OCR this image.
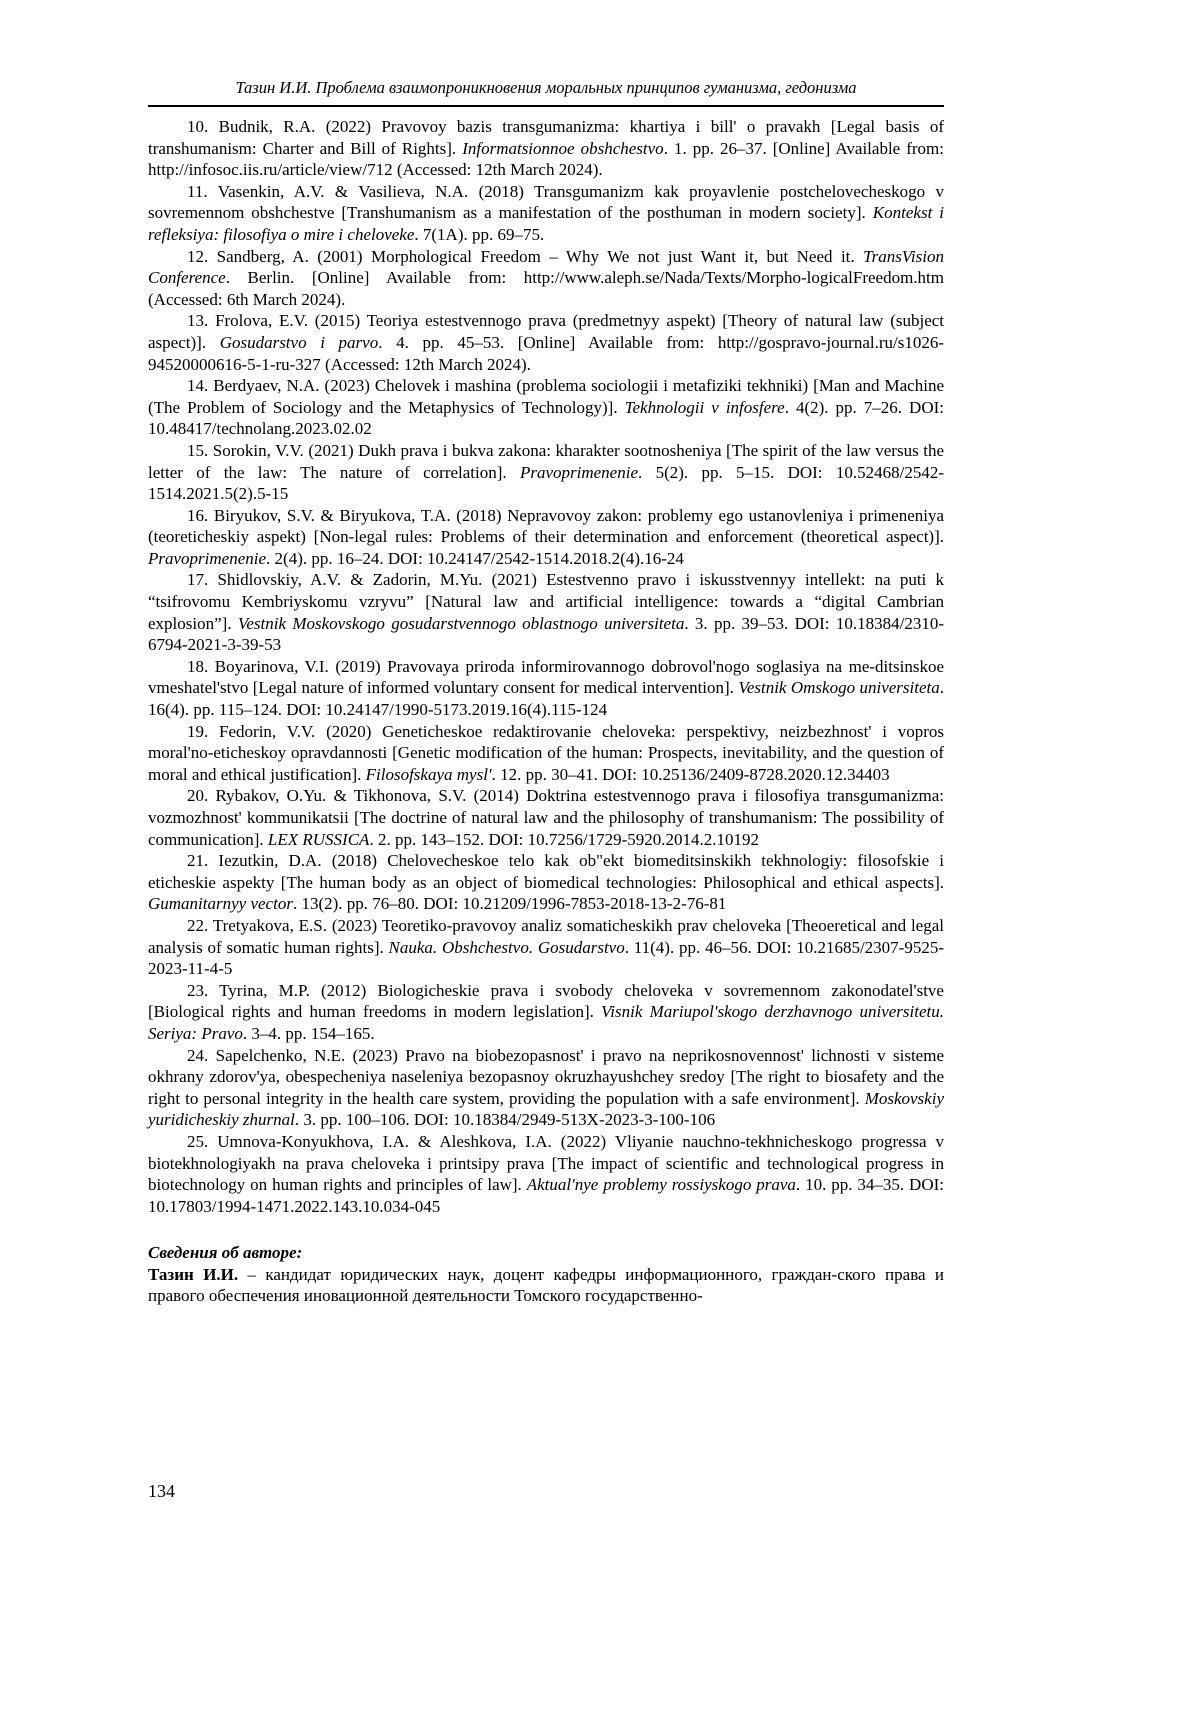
Тазин И.И. Проблема взаимопроникновения моральных принципов гуманизма, гедонизма

10. Budnik, R.A. (2022) Pravovoy bazis transgumanizma: khartiya i bill' o pravakh [Legal basis of transhumanism: Charter and Bill of Rights]. Informatsionnoe obshchestvo. 1. pp. 26–37. [Online] Available from: http://infosoc.iis.ru/article/view/712 (Accessed: 12th March 2024).

11. Vasenkin, A.V. & Vasilieva, N.A. (2018) Transgumanizm kak proyavlenie postchelovecheskogo v sovremennom obshchestve [Transhumanism as a manifestation of the posthuman in modern society]. Kontekst i refleksiya: filosofiya o mire i cheloveke. 7(1A). pp. 69–75.

12. Sandberg, A. (2001) Morphological Freedom – Why We not just Want it, but Need it. TransVision Conference. Berlin. [Online] Available from: http://www.aleph.se/Nada/Texts/Morpho-logicalFreedom.htm (Accessed: 6th March 2024).

13. Frolova, E.V. (2015) Teoriya estestvennogo prava (predmetnyy aspekt) [Theory of natural law (subject aspect)]. Gosudarstvo i parvo. 4. pp. 45–53. [Online] Available from: http://gospravo-journal.ru/s1026-94520000616-5-1-ru-327 (Accessed: 12th March 2024).

14. Berdyaev, N.A. (2023) Chelovek i mashina (problema sociologii i metafiziki tekhniki) [Man and Machine (The Problem of Sociology and the Metaphysics of Technology)]. Tekhnologii v infosfere. 4(2). pp. 7–26. DOI: 10.48417/technolang.2023.02.02

15. Sorokin, V.V. (2021) Dukh prava i bukva zakona: kharakter sootnosheniya [The spirit of the law versus the letter of the law: The nature of correlation]. Pravoprimenenie. 5(2). pp. 5–15. DOI: 10.52468/2542-1514.2021.5(2).5-15

16. Biryukov, S.V. & Biryukova, T.A. (2018) Nepravovoy zakon: problemy ego ustanovleniya i primeneniya (teoreticheskiy aspekt) [Non-legal rules: Problems of their determination and enforcement (theoretical aspect)]. Pravoprimenenie. 2(4). pp. 16–24. DOI: 10.24147/2542-1514.2018.2(4).16-24

17. Shidlovskiy, A.V. & Zadorin, M.Yu. (2021) Estestvenno pravo i iskusstvennyy intellekt: na puti k “tsifrovomu Kembriyskomu vzryvu” [Natural law and artificial intelligence: towards a “digital Cambrian explosion”]. Vestnik Moskovskogo gosudarstvennogo oblastnogo universiteta. 3. pp. 39–53. DOI: 10.18384/2310-6794-2021-3-39-53

18. Boyarinova, V.I. (2019) Pravovaya priroda informirovannogo dobrovol'nogo soglasiya na me-ditsinskoe vmeshatel'stvo [Legal nature of informed voluntary consent for medical intervention]. Vestnik Omskogo universiteta. 16(4). pp. 115–124. DOI: 10.24147/1990-5173.2019.16(4).115-124

19. Fedorin, V.V. (2020) Geneticheskoe redaktirovanie cheloveka: perspektivy, neizbezhnost' i vopros moral'no-eticheskoy opravdannosti [Genetic modification of the human: Prospects, inevitability, and the question of moral and ethical justification]. Filosofskaya mysl'. 12. pp. 30–41. DOI: 10.25136/2409-8728.2020.12.34403

20. Rybakov, O.Yu. & Tikhonova, S.V. (2014) Doktrina estestvennogo prava i filosofiya transgumanizma: vozmozhnost' kommunikatsii [The doctrine of natural law and the philosophy of transhumanism: The possibility of communication]. LEX RUSSICA. 2. pp. 143–152. DOI: 10.7256/1729-5920.2014.2.10192

21. Iezutkin, D.A. (2018) Chelovecheskoe telo kak ob"ekt biomeditsinskikh tekhnologiy: filosofskie i eticheskie aspekty [The human body as an object of biomedical technologies: Philosophical and ethical aspects]. Gumanitarnyy vector. 13(2). pp. 76–80. DOI: 10.21209/1996-7853-2018-13-2-76-81

22. Tretyakova, E.S. (2023) Teoretiko-pravovoy analiz somaticheskikh prav cheloveka [Theoeretical and legal analysis of somatic human rights]. Nauka. Obshchestvo. Gosudarstvo. 11(4). pp. 46–56. DOI: 10.21685/2307-9525-2023-11-4-5

23. Tyrina, M.P. (2012) Biologicheskie prava i svobody cheloveka v sovremennom zakonodatel'stve [Biological rights and human freedoms in modern legislation]. Visnik Mariupol'skogo derzhavnogo universitetu. Seriya: Pravo. 3–4. pp. 154–165.

24. Sapelchenko, N.E. (2023) Pravo na biobezopasnost' i pravo na neprikosnovennost' lichnosti v sisteme okhrany zdorov'ya, obespecheniya naseleniya bezopasnoy okruzhayushchey sredoy [The right to biosafety and the right to personal integrity in the health care system, providing the population with a safe environment]. Moskovskiy yuridicheskiy zhurnal. 3. pp. 100–106. DOI: 10.18384/2949-513X-2023-3-100-106

25. Umnova-Konyukhova, I.A. & Aleshkova, I.A. (2022) Vliyanie nauchno-tekhnicheskogo progressa v biotekhnologiyakh na prava cheloveka i printsipy prava [The impact of scientific and technological progress in biotechnology on human rights and principles of law]. Aktual'nye problemy rossiyskogo prava. 10. pp. 34–35. DOI: 10.17803/1994-1471.2022.143.10.034-045

Сведения об авторе:

Тазин И.И. – кандидат юридических наук, доцент кафедры информационного, граждан-ского права и правого обеспечения иновационной деятельности Томского государственно-

134
